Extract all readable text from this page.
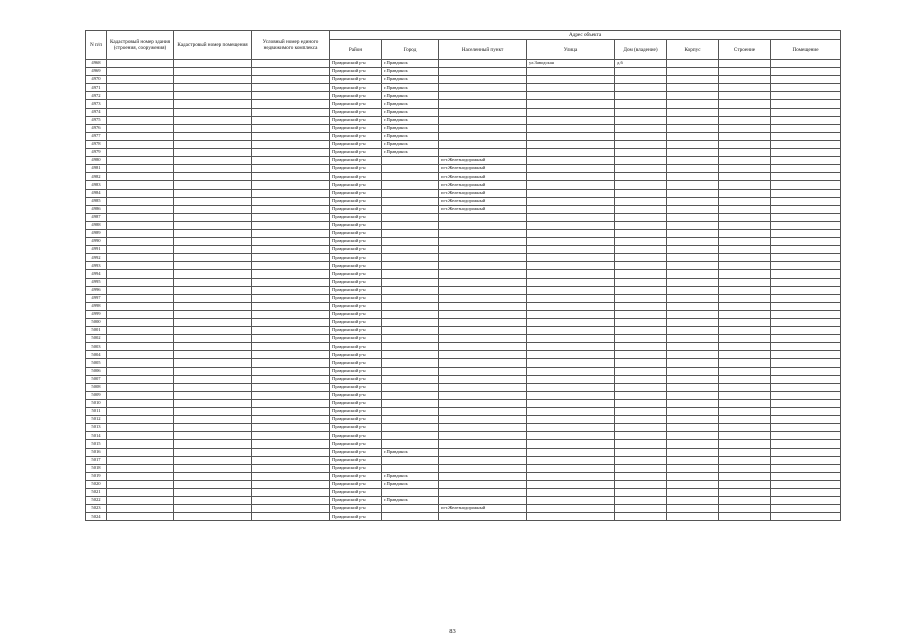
N п/п	Кадастровый номер здания (строения, сооружения)	Кадастровый номер помещения	Условный номер единого недвижимого комплекса	Адрес объекта							
				Район	Город	Населенный пункт	Улица	Дом (владение)	Корпус	Строение	Помещение
4968				Правдинский р-н	г.Правдинск		ул.Заводская	д.6			
4969				Правдинский р-н	г.Правдинск						
4970				Правдинский р-н	г.Правдинск						
4971				Правдинский р-н	г.Правдинск						
4972				Правдинский р-н	г.Правдинск						
4973				Правдинский р-н	г.Правдинск						
4974				Правдинский р-н	г.Правдинск						
4975				Правдинский р-н	г.Правдинск						
4976				Правдинский р-н	г.Правдинск						
4977				Правдинский р-н	г.Правдинск						
4978				Правдинский р-н	г.Правдинск						
4979				Правдинский р-н	г.Правдинск						
4980				Правдинский р-н		пгт.Железнодорожный					
4981				Правдинский р-н		пгт.Железнодорожный					
4982				Правдинский р-н		пгт.Железнодорожный					
4983				Правдинский р-н		пгт.Железнодорожный					
4984				Правдинский р-н		пгт.Железнодорожный					
4985				Правдинский р-н		пгт.Железнодорожный					
4986				Правдинский р-н		пгт.Железнодорожный					
4987				Правдинский р-н							
4988				Правдинский р-н							
4989				Правдинский р-н							
4990				Правдинский р-н							
4991				Правдинский р-н							
4992				Правдинский р-н							
4993				Правдинский р-н							
4994				Правдинский р-н							
4995				Правдинский р-н							
4996				Правдинский р-н							
4997				Правдинский р-н							
4998				Правдинский р-н							
4999				Правдинский р-н							
5000				Правдинский р-н							
5001				Правдинский р-н							
5002				Правдинский р-н							
5003				Правдинский р-н							
5004				Правдинский р-н							
5005				Правдинский р-н							
5006				Правдинский р-н							
5007				Правдинский р-н							
5008				Правдинский р-н							
5009				Правдинский р-н							
5010				Правдинский р-н							
5011				Правдинский р-н							
5012				Правдинский р-н							
5013				Правдинский р-н							
5014				Правдинский р-н							
5015				Правдинский р-н							
5016				Правдинский р-н	г.Правдинск						
5017				Правдинский р-н							
5018				Правдинский р-н							
5019				Правдинский р-н	г.Правдинск						
5020				Правдинский р-н	г.Правдинск						
5021				Правдинский р-н							
5022				Правдинский р-н	г.Правдинск						
5023				Правдинский р-н		пгт.Железнодорожный					
5024				Правдинский р-н							
83
